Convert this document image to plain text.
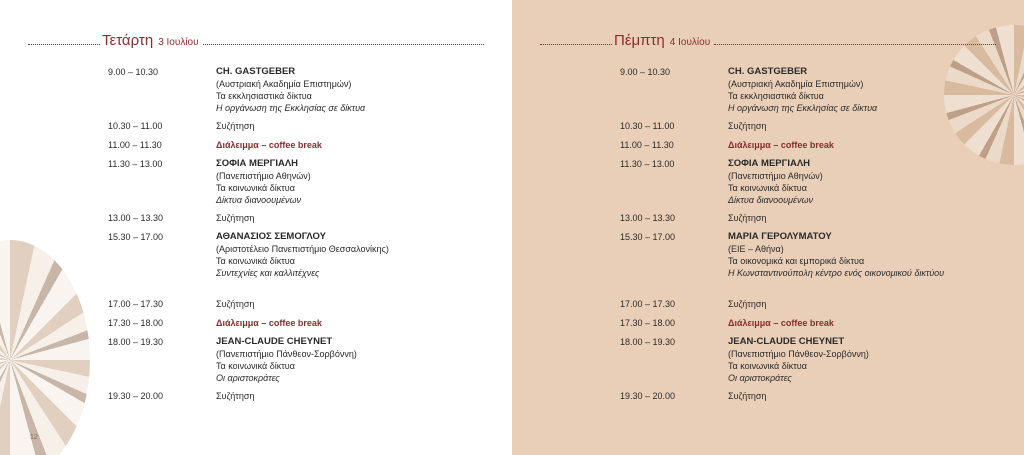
Τετάρτη 3 Ιουλίου
9.00 – 10.30	CH. GASTGEBER
(Αυστριακή Ακαδημία Επιστημών)
Τα εκκλησιαστικά δίκτυα
Η οργάνωση της Εκκλησίας σε δίκτυα
10.30 – 11.00	Συζήτηση
11.00 – 11.30	Διάλειμμα – coffee break
11.30 – 13.00	ΣΟΦΙΑ ΜΕΡΓΙΑΛΗ
(Πανεπιστήμιο Αθηνών)
Τα κοινωνικά δίκτυα
Δίκτυα διανοουμένων
13.00 – 13.30	Συζήτηση
15.30 – 17.00	ΑΘΑΝΑΣΙΟΣ ΣΕΜΟΓΛΟΥ
(Αριστοτέλειο Πανεπιστήμιο Θεσσαλονίκης)
Τα κοινωνικά δίκτυα
Συντεχνίες και καλλιτέχνες
17.00 – 17.30	Συζήτηση
17.30 – 18.00	Διάλειμμα – coffee break
18.00 – 19.30	JEAN-CLAUDE CHEYNET
(Πανεπιστήμιο Πάνθεον-Σορβόννη)
Τα κοινωνικά δίκτυα
Οι αριστοκράτες
19.30 – 20.00	Συζήτηση
12
Πέμπτη 4 Ιουλίου
9.00 – 10.30	CH. GASTGEBER
(Αυστριακή Ακαδημία Επιστημών)
Τα εκκλησιαστικά δίκτυα
Η οργάνωση της Εκκλησίας σε δίκτυα
10.30 – 11.00	Συζήτηση
11.00 – 11.30	Διάλειμμα – coffee break
11.30 – 13.00	ΣΟΦΙΑ ΜΕΡΓΙΑΛΗ
(Πανεπιστήμιο Αθηνών)
Τα κοινωνικά δίκτυα
Δίκτυα διανοουμένων
13.00 – 13.30	Συζήτηση
15.30 – 17.00	ΜΑΡΙΑ ΓΕΡΟΛΥΜΑΤΟΥ
(ΕΙΕ – Αθήνα)
Τα οικονομικά και εμπορικά δίκτυα
Η Κωνσταντινούπολη κέντρο ενός οικονομικού δικτύου
17.00 – 17.30	Συζήτηση
17.30 – 18.00	Διάλειμμα – coffee break
18.00 – 19.30	JEAN-CLAUDE CHEYNET
(Πανεπιστήμιο Πάνθεον-Σορβόννη)
Τα κοινωνικά δίκτυα
Οι αριστοκράτες
19.30 – 20.00	Συζήτηση
